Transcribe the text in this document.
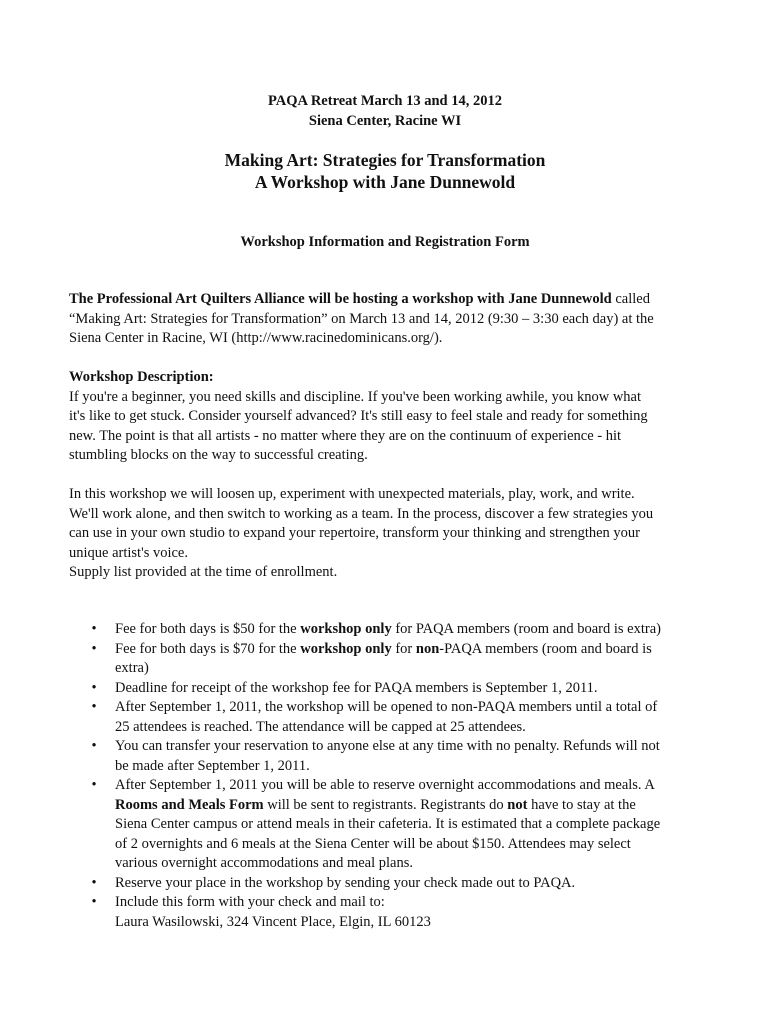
PAQA Retreat March 13 and 14, 2012

Siena Center, Racine WI

Making Art: Strategies for Transformation

A Workshop with Jane Dunnewold

Workshop Information and Registration Form

The Professional Art Quilters Alliance will be hosting a workshop with Jane Dunnewold called
“Making Art: Strategies for Transformation” on March 13 and 14, 2012 (9:30 – 3:30 each day) at the
Siena Center in Racine, WI (http://www.racinedominicans.org/).
Workshop Description:
If you're a beginner, you need skills and discipline. If you've been working awhile, you know what
it's like to get stuck. Consider yourself advanced? It's still easy to feel stale and ready for something
new. The point is that all artists - no matter where they are on the continuum of experience - hit
stumbling blocks on the way to successful creating.
In this workshop we will loosen up, experiment with unexpected materials, play, work, and write.
We'll work alone, and then switch to working as a team. In the process, discover a few strategies you
can use in your own studio to expand your repertoire, transform your thinking and strengthen your
unique artist's voice.
Supply list provided at the time of enrollment.
• Fee for both days is $50 for the workshop only for PAQA members (room and board is extra)
• Fee for both days is $70 for the workshop only for non-PAQA members (room and board is
extra)
• Deadline for receipt of the workshop fee for PAQA members is September 1, 2011.
• After September 1, 2011, the workshop will be opened to non-PAQA members until a total of
25 attendees is reached. The attendance will be capped at 25 attendees.
• You can transfer your reservation to anyone else at any time with no penalty. Refunds will not
be made after September 1, 2011.
• After September 1, 2011 you will be able to reserve overnight accommodations and meals. A
Rooms and Meals Form will be sent to registrants. Registrants do not have to stay at the
Siena Center campus or attend meals in their cafeteria. It is estimated that a complete package
of 2 overnights and 6 meals at the Siena Center will be about $150. Attendees may select
various overnight accommodations and meal plans.
• Reserve your place in the workshop by sending your check made out to PAQA.
• Include this form with your check and mail to:
Laura Wasilowski, 324 Vincent Place, Elgin, IL 60123
